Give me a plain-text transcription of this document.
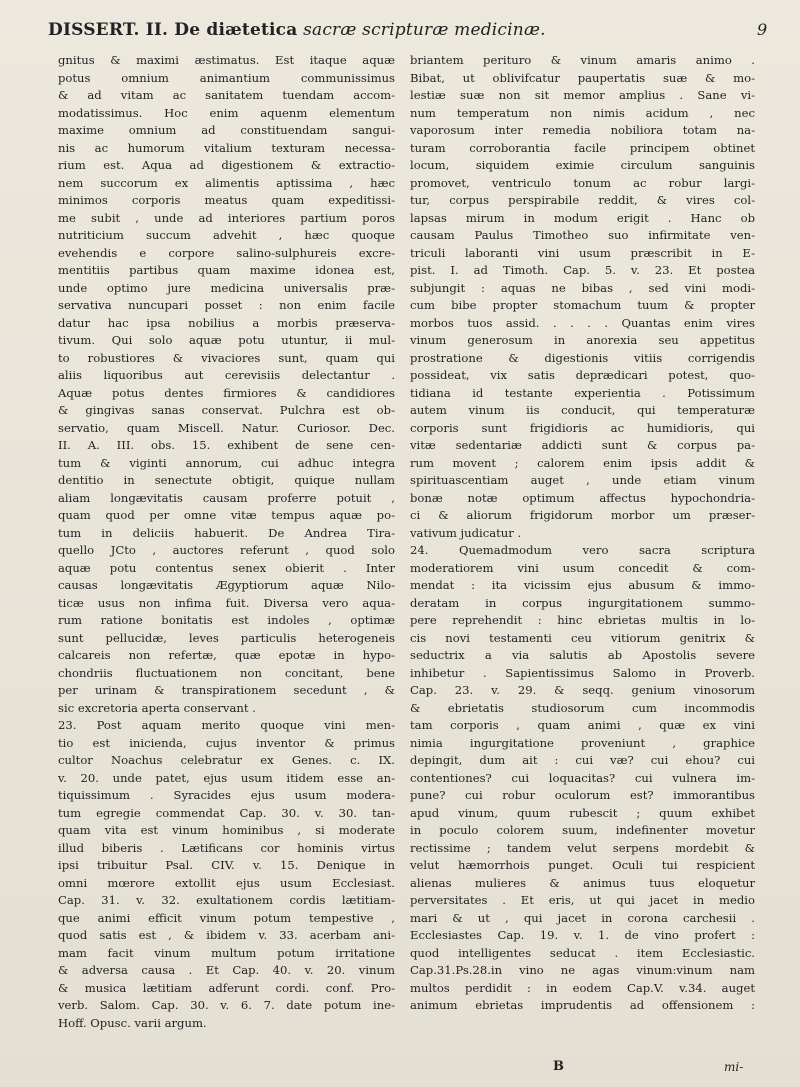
DISSERT. II. De diætetica sacræ scripturæ medicinæ.	9
gnitus & maximi æstimatus. Est itaque aquæ
potus omnium animantium communissimus
& ad vitam ac sanitatem tuendam accom-
modatissimus. Hoc enim aquenm elementum
maxime omnium ad constituendam sangui-
nis ac humorum vitalium texturam necessa-
rium est. Aqua ad digestionem & extractio-
nem succorum ex alimentis aptissima , hæc
minimos corporis meatus quam expeditissi-
me subit , unde ad interiores partium poros
nutriticium succum advehit , hæc quoque
evehendis e corpore salino-sulphureis excre-
mentitiis partibus quam maxime idonea est,
unde optimo jure medicina universalis præ-
servativa nuncupari posset : non enim facile
datur hac ipsa nobilius a morbis præserva-
tivum. Qui solo aquæ potu utuntur, ii mul-
to robustiores & vivaciores sunt, quam qui
aliis liquoribus aut cerevisiis delectantur .
Aquæ potus dentes firmiores & candidiores
& gingivas sanas conservat. Pulchra est ob-
servatio, quam Miscell. Natur. Curiosor. Dec.
II. A. III. obs. 15. exhibent de sene cen-
tum & viginti annorum, cui adhuc integra
dentitio in senectute obtigit, quique nullam
aliam longævitatis causam proferre potuit ,
quam quod per omne vitæ tempus aquæ po-
tum in deliciis habuerit. De Andrea Tira-
quello JCto , auctores referunt , quod solo
aquæ potu contentus senex obierit . Inter
causas longævitatis Ægyptiorum aquæ Nilo-
ticæ usus non infima fuit. Diversa vero aqua-
rum ratione bonitatis est indoles , optimæ
sunt pellucidæ, leves particulis heterogeneis
calcareis non refertæ, quæ epotæ in hypo-
chondriis fluctuationem non concitant, bene
per urinam & transpirationem secedunt , &
sic excretoria aperta conservant .
23. Post aquam merito quoque vini men-
tio est inicienda, cujus inventor & primus
cultor Noachus celebratur ex Genes. c. IX.
v. 20. unde patet, ejus usum itidem esse an-
tiquissimum . Syracides ejus usum modera-
tum egregie commendat Cap. 30. v. 30. tan-
quam vita est vinum hominibus , si moderate
illud biberis . Lætificans cor hominis virtus
ipsi tribuitur Psal. CIV. v. 15. Denique in
omni mœrore extollit ejus usum Ecclesiast.
Cap. 31. v. 32. exultationem cordis lætitiam-
que animi efficit vinum potum tempestive ,
quod satis est , & ibidem v. 33. acerbam ani-
mam facit vinum multum potum irritatione
& adversa causa . Et Cap. 40. v. 20. vinum
& musica lætitiam adferunt cordi. conf. Pro-
verb. Salom. Cap. 30. v. 6. 7. date potum ine-
Hoff. Opusc. varii argum.
briantem perituro & vinum amaris animo .
Bibat, ut oblivifcatur paupertatis suæ & mo-
lestiæ suæ non sit memor amplius . Sane vi-
num temperatum non nimis acidum , nec
vaporosum inter remedia nobiliora totam na-
turam corroborantia facile principem obtinet
locum, siquidem eximie circulum sanguinis
promovet, ventriculo tonum ac robur largi-
tur, corpus perspirabile reddit, & vires col-
lapsas mirum in modum erigit . Hanc ob
causam Paulus Timotheo suo infirmitate ven-
triculi laboranti vini usum præscribit in E-
pist. I. ad Timoth. Cap. 5. v. 23. Et postea
subjungit : aquas ne bibas , sed vini modi-
cum bibe propter stomachum tuum & propter
morbos tuos assid. . . . . Quantas enim vires
vinum generosum in anorexia seu appetitus
prostratione & digestionis vitiis corrigendis
possideat, vix satis deprædicari potest, quo-
tidiana id testante experientia . Potissimum
autem vinum iis conducit, qui temperaturæ
corporis sunt frigidioris ac humidioris, qui
vitæ sedentariæ addicti sunt & corpus pa-
rum movent ; calorem enim ipsis addit &
spirituascentiam auget , unde etiam vinum
bonæ notæ optimum affectus hypochondria-
ci & aliorum frigidorum morbor um præser-
vativum judicatur .
24. Quemadmodum vero sacra scriptura
moderatiorem vini usum concedit & com-
mendat : ita vicissim ejus abusum & immo-
deratam in corpus ingurgitationem summo-
pere reprehendit : hinc ebrietas multis in lo-
cis novi testamenti ceu vitiorum genitrix &
seductrix a via salutis ab Apostolis severe
inhibetur . Sapientissimus Salomo in Proverb.
Cap. 23. v. 29. & seqq. genium vinosorum
& ebrietatis studiosorum cum incommodis
tam corporis , quam animi , quæ ex vini
nimia ingurgitatione proveniunt , graphice
depingit, dum ait : cui væ? cui ehou? cui
contentiones? cui loquacitas? cui vulnera im-
pune? cui robur oculorum est? immorantibus
apud vinum, quum rubescit ; quum exhibet
in poculo colorem suum, indefinenter movetur
rectissime ; tandem velut serpens mordebit &
velut hæmorrhois punget. Oculi tui respicient
alienas mulieres & animus tuus eloquetur
perversitates . Et eris, ut qui jacet in medio
mari & ut , qui jacet in corona carchesii .
Ecclesiastes Cap. 19. v. 1. de vino profert :
quod intelligentes seducat . item Ecclesiastic.
Cap.31.Ps.28.in vino ne agas vinum:vinum nam
multos perdidit : in eodem Cap.V. v.34. auget
animum ebrietas imprudentis ad offensionem :
B	mi-
